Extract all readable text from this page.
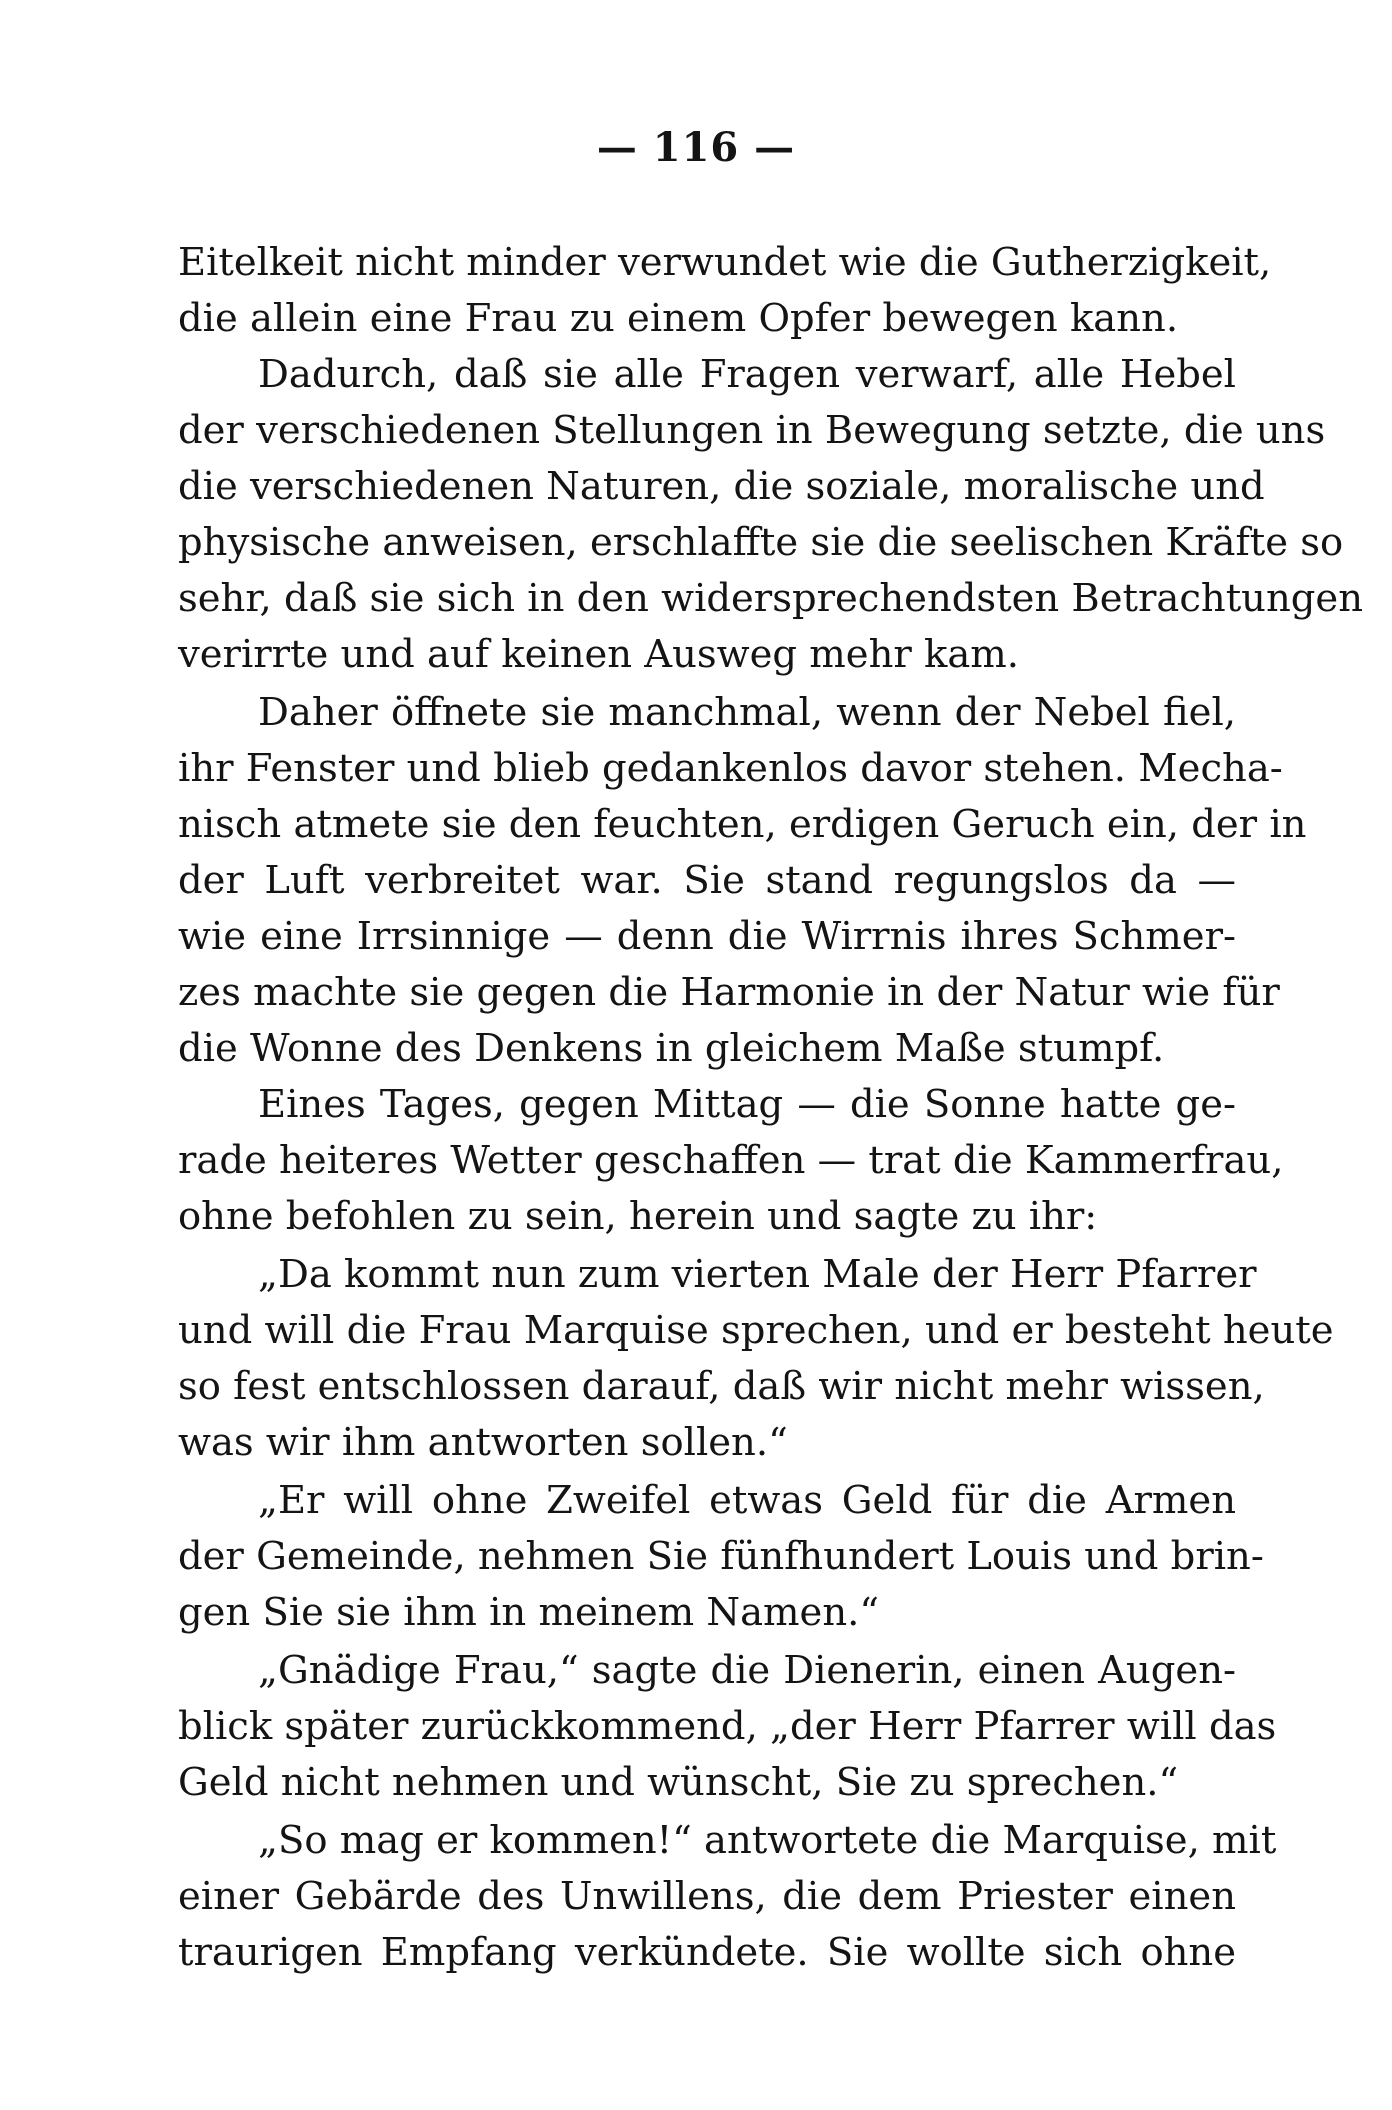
— 116 —
Eitelkeit nicht minder verwundet wie die Gutherzigkeit,
die allein eine Frau zu einem Opfer bewegen kann.
Dadurch, daß sie alle Fragen verwarf, alle Hebel
der verschiedenen Stellungen in Bewegung setzte, die uns
die verschiedenen Naturen, die soziale, moralische und
physische anweisen, erschlaffte sie die seelischen Kräfte so
sehr, daß sie sich in den widersprechendsten Betrachtungen
verirrte und auf keinen Ausweg mehr kam.
Daher öffnete sie manchmal, wenn der Nebel fiel,
ihr Fenster und blieb gedankenlos davor stehen. Mecha-
nisch atmete sie den feuchten, erdigen Geruch ein, der in
der Luft verbreitet war. Sie stand regungslos da —
wie eine Irrsinnige — denn die Wirrnis ihres Schmer-
zes machte sie gegen die Harmonie in der Natur wie für
die Wonne des Denkens in gleichem Maße stumpf.
Eines Tages, gegen Mittag — die Sonne hatte ge-
rade heiteres Wetter geschaffen — trat die Kammerfrau,
ohne befohlen zu sein, herein und sagte zu ihr:
„Da kommt nun zum vierten Male der Herr Pfarrer
und will die Frau Marquise sprechen, und er besteht heute
so fest entschlossen darauf, daß wir nicht mehr wissen,
was wir ihm antworten sollen.“
„Er will ohne Zweifel etwas Geld für die Armen
der Gemeinde, nehmen Sie fünfhundert Louis und brin-
gen Sie sie ihm in meinem Namen.“
„Gnädige Frau,“ sagte die Dienerin, einen Augen-
blick später zurückkommend, „der Herr Pfarrer will das
Geld nicht nehmen und wünscht, Sie zu sprechen.“
„So mag er kommen!“ antwortete die Marquise, mit
einer Gebärde des Unwillens, die dem Priester einen
traurigen Empfang verkündete. Sie wollte sich ohne
